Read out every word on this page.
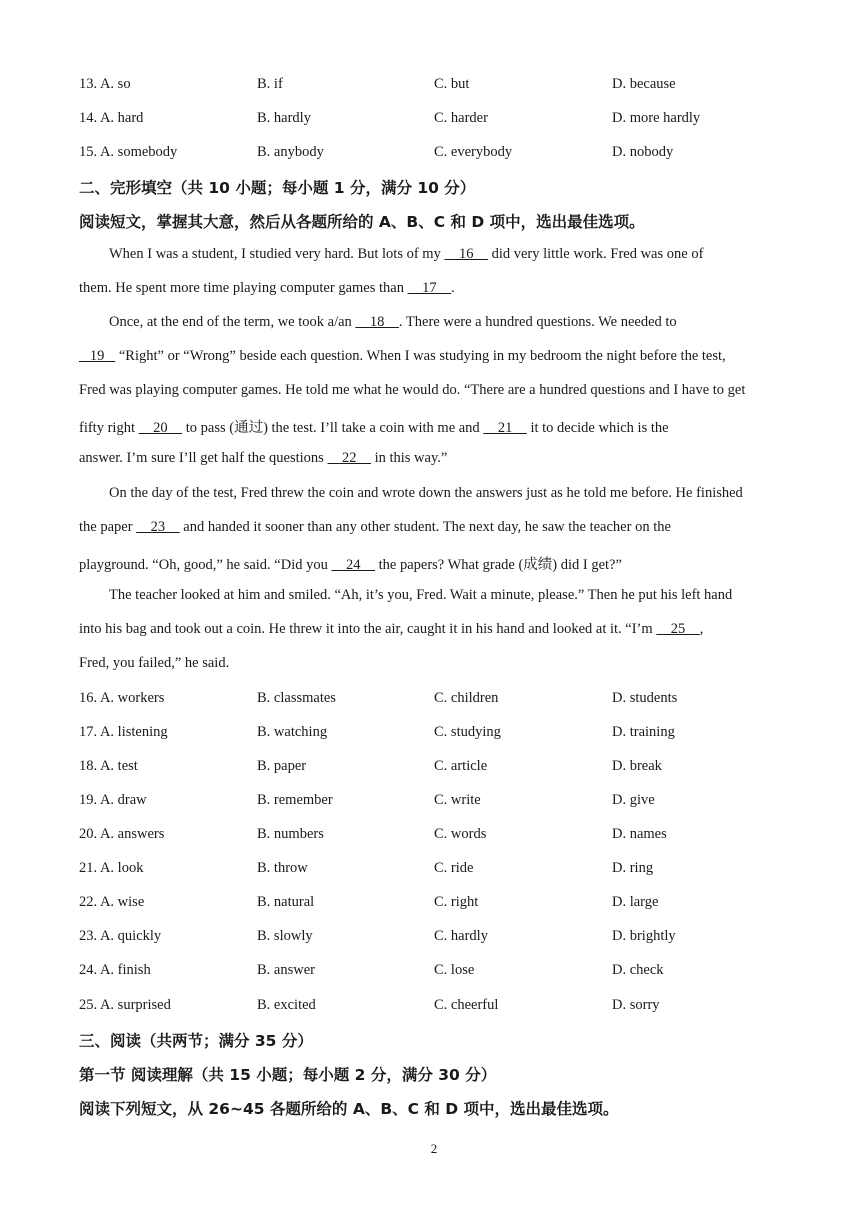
13. A. so	B. if	C. but	D. because
14. A. hard	B. hardly	C. harder	D. more hardly
15. A. somebody	B. anybody	C. everybody	D. nobody
二、完形填空（共 10 小题；每小题 1 分，满分 10 分）
阅读短文，掌握其大意，然后从各题所给的 A、B、C 和 D 项中，选出最佳选项。
When I was a student, I studied very hard. But lots of my     16     did very little work. Fred was one of
them. He spent more time playing computer games than     17    .
Once, at the end of the term, we took a/an     18    . There were a hundred questions. We needed to
19    “Right” or “Wrong” beside each question. When I was studying in my bedroom the night before the test,
Fred was playing computer games. He told me what he would do. “There are a hundred questions and I have to get
fifty right     20     to pass (通过) the test. I’ll take a coin with me and     21     it to decide which is the
answer. I’m sure I’ll get half the questions     22     in this way.”
On the day of the test, Fred threw the coin and wrote down the answers just as he told me before. He finished
the paper     23     and handed it sooner than any other student. The next day, he saw the teacher on the
playground. “Oh, good,” he said. “Did you     24     the papers? What grade (成绩) did I get?”
The teacher looked at him and smiled. “Ah, it’s you, Fred. Wait a minute, please.” Then he put his left hand
into his bag and took out a coin. He threw it into the air, caught it in his hand and looked at it. “I’m     25    ,
Fred, you failed,” he said.
16. A. workers	B. classmates	C. children	D. students
17. A. listening	B. watching	C. studying	D. training
18. A. test	B. paper	C. article	D. break
19. A. draw	B. remember	C. write	D. give
20. A. answers	B. numbers	C. words	D. names
21. A. look	B. throw	C. ride	D. ring
22. A. wise	B. natural	C. right	D. large
23. A. quickly	B. slowly	C. hardly	D. brightly
24. A. finish	B. answer	C. lose	D. check
25. A. surprised	B. excited	C. cheerful	D. sorry
三、阅读（共两节；满分 35 分）
第一节 阅读理解（共 15 小题；每小题 2 分，满分 30 分）
阅读下列短文，从 26~45 各题所给的 A、B、C 和 D 项中，选出最佳选项。
2
